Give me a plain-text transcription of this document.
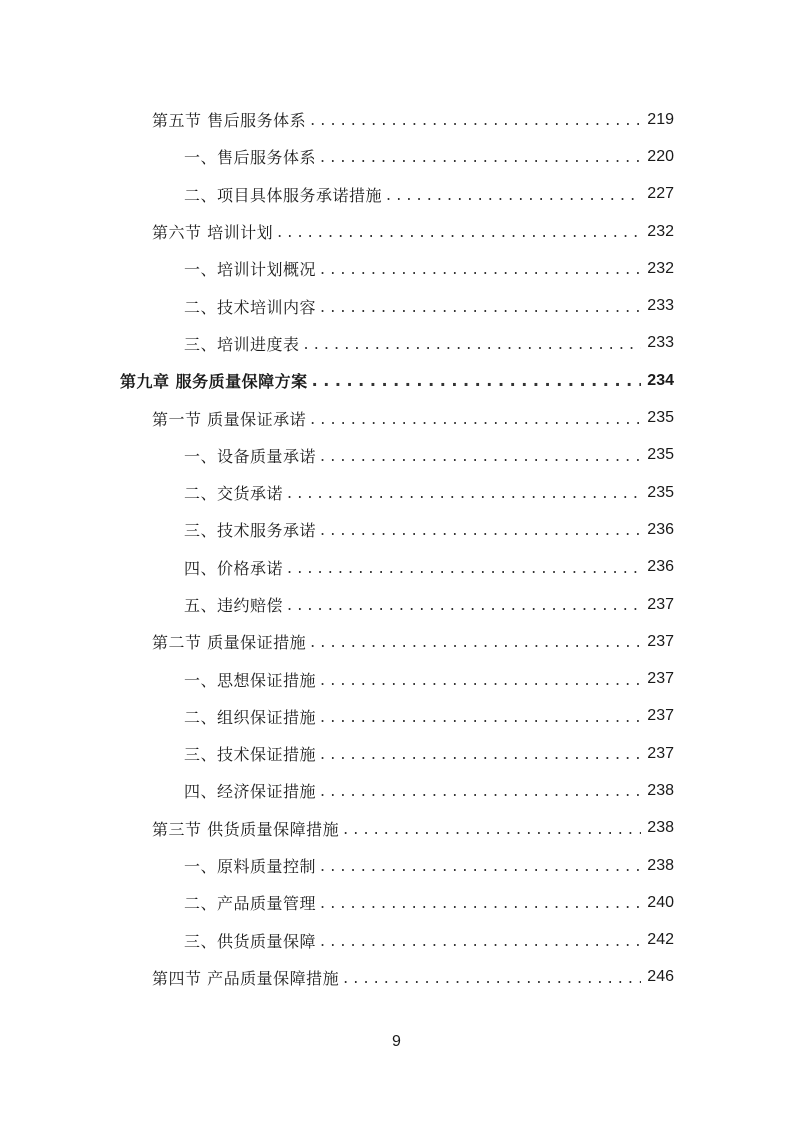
第五节 售后服务体系 . . .	219
一、售后服务体系 . . .	220
二、项目具体服务承诺措施 . . .	227
第六节 培训计划 . . .	232
一、培训计划概况 . . .	232
二、技术培训内容 . . .	233
三、培训进度表 . . .	233
第九章 服务质量保障方案 . . .	234
第一节 质量保证承诺 . . .	235
一、设备质量承诺 . . .	235
二、交货承诺 . . .	235
三、技术服务承诺 . . .	236
四、价格承诺 . . .	236
五、违约赔偿 . . .	237
第二节 质量保证措施 . . .	237
一、思想保证措施 . . .	237
二、组织保证措施 . . .	237
三、技术保证措施 . . .	237
四、经济保证措施 . . .	238
第三节 供货质量保障措施 . . .	238
一、原料质量控制 . . .	238
二、产品质量管理 . . .	240
三、供货质量保障 . . .	242
第四节 产品质量保障措施 . . .	246
9
